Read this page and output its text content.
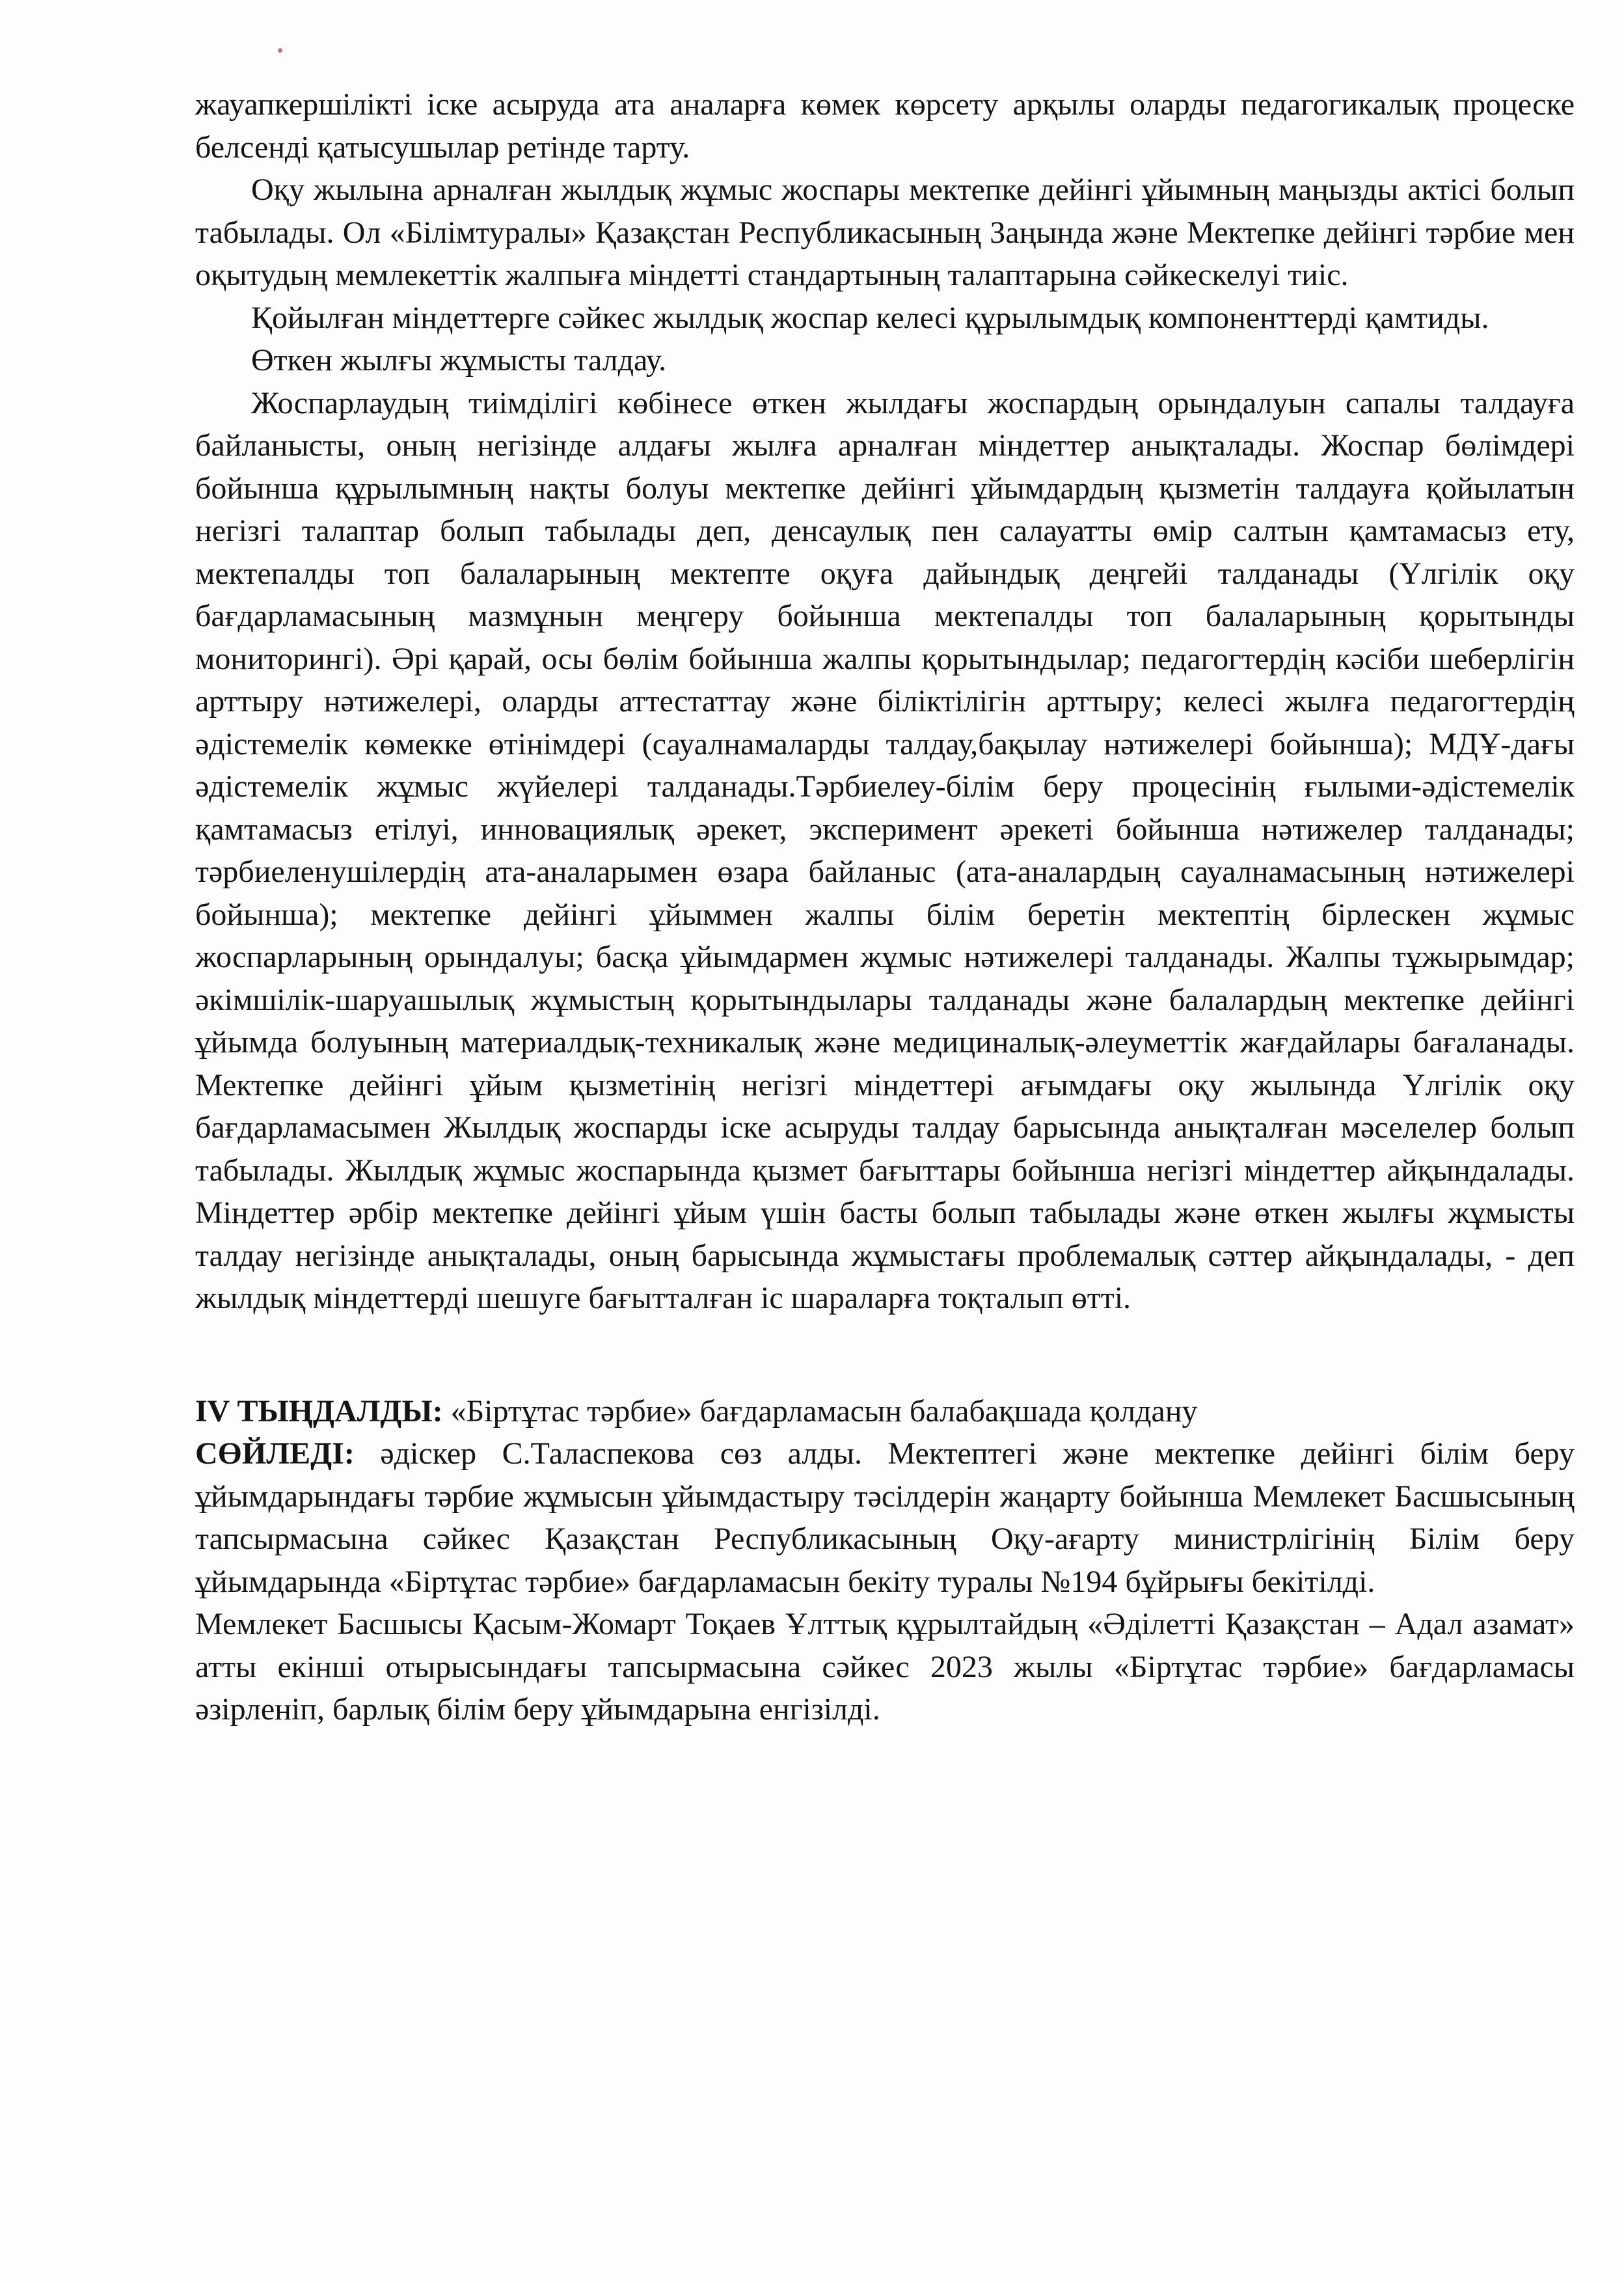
жауапкершілікті іске асыруда ата аналарға көмек көрсету арқылы оларды педагогикалық процеске белсенді қатысушылар ретінде тарту.

Оқу жылына арналған жылдық жұмыс жоспары мектепке дейінгі ұйымның маңызды актісі болып табылады. Ол «Білімтуралы» Қазақстан Республикасының Заңында және Мектепке дейінгі тәрбие мен оқытудың мемлекеттік жалпыға міндетті стандартының талаптарына сәйкескелуі тиіс.

Қойылған міндеттерге сәйкес жылдық жоспар келесі құрылымдық компоненттерді қамтиды.

Өткен жылғы жұмысты талдау.

Жоспарлаудың тиімділігі көбінесе өткен жылдағы жоспардың орындалуын сапалы талдауға байланысты, оның негізінде алдағы жылға арналған міндеттер анықталады. Жоспар бөлімдері бойынша құрылымның нақты болуы мектепке дейінгі ұйымдардың қызметін талдауға қойылатын негізгі талаптар болып табылады деп, денсаулық пен салауатты өмір салтын қамтамасыз ету, мектепалды топ балаларының мектепте оқуға дайындық деңгейі талданады (Үлгілік оқу бағдарламасының мазмұнын меңгеру бойынша мектепалды топ балаларының қорытынды мониторингі). Әрі қарай, осы бөлім бойынша жалпы қорытындылар; педагогтердің кәсіби шеберлігін арттыру нәтижелері, оларды аттестаттау және біліктілігін арттыру; келесі жылға педагогтердің әдістемелік көмекке өтінімдері (сауалнамаларды талдау,бақылау нәтижелері бойынша); МДҰ-дағы әдістемелік жұмыс жүйелері талданады.Тәрбиелеу-білім беру процесінің ғылыми-әдістемелік қамтамасыз етілуі, инновациялық әрекет, эксперимент әрекеті бойынша нәтижелер талданады; тәрбиеленушілердің ата-аналарымен өзара байланыс (ата-аналардың сауалнамасының нәтижелері бойынша); мектепке дейінгі ұйыммен жалпы білім беретін мектептің бірлескен жұмыс жоспарларының орындалуы; басқа ұйымдармен жұмыс нәтижелері талданады. Жалпы тұжырымдар; әкімшілік-шаруашылық жұмыстың қорытындылары талданады және балалардың мектепке дейінгі ұйымда болуының материалдық-техникалық және медициналық-әлеуметтік жағдайлары бағаланады. Мектепке дейінгі ұйым қызметінің негізгі міндеттері ағымдағы оқу жылында Үлгілік оқу бағдарламасымен Жылдық жоспарды іске асыруды талдау барысында анықталған мәселелер болып табылады. Жылдық жұмыс жоспарында қызмет бағыттары бойынша негізгі міндеттер айқындалады. Міндеттер әрбір мектепке дейінгі ұйым үшін басты болып табылады және өткен жылғы жұмысты талдау негізінде анықталады, оның барысында жұмыстағы проблемалық сәттер айқындалады, - деп жылдық міндеттерді шешуге бағытталған іс шараларға тоқталып өтті.

IV ТЫҢДАЛДЫ: «Біртұтас тәрбие» бағдарламасын балабақшада қолдану

СӨЙЛЕДІ: әдіскер С.Таласпекова сөз алды. Мектептегі және мектепке дейінгі білім беру ұйымдарындағы тәрбие жұмысын ұйымдастыру тәсілдерін жаңарту бойынша Мемлекет Басшысының тапсырмасына сәйкес Қазақстан Республикасының Оқу-ағарту министрлігінің Білім беру ұйымдарында «Біртұтас тәрбие» бағдарламасын бекіту туралы №194 бұйрығы бекітілді.

Мемлекет Басшысы Қасым-Жомарт Тоқаев Ұлттық құрылтайдың «Әділетті Қазақстан – Адал азамат» атты екінші отырысындағы тапсырмасына сәйкес 2023 жылы «Біртұтас тәрбие» бағдарламасы әзірленіп, барлық білім беру ұйымдарына енгізілді.
